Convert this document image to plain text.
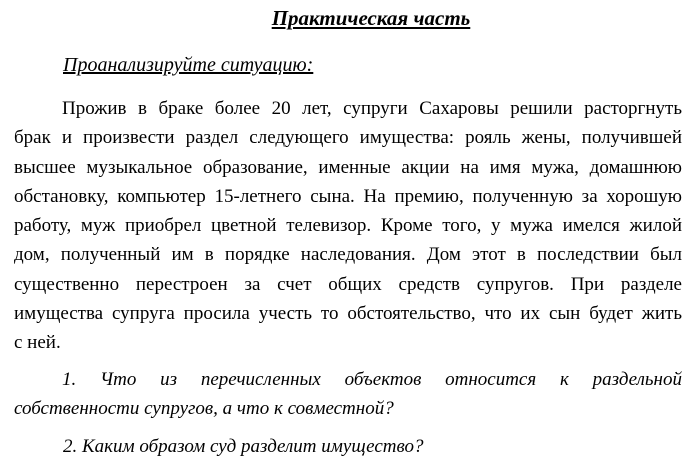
Практическая часть
Проанализируйте ситуацию:
Прожив в браке более 20 лет, супруги Сахаровы решили расторгнуть
брак и произвести раздел следующего имущества: рояль жены, получившей
высшее музыкальное образование, именные акции на имя мужа, домашнюю
обстановку, компьютер 15-летнего сына. На премию, полученную за хорошую
работу, муж приобрел цветной телевизор. Кроме того, у мужа имелся жилой
дом, полученный им в порядке наследования. Дом этот в последствии был
существенно перестроен за счет общих средств супругов. При разделе
имущества супруга просила учесть то обстоятельство, что их сын будет жить
с ней.
1. Что из перечисленных объектов относится к раздельной
собственности супругов, а что к совместной?

2. Каким образом суд разделит имущество?
